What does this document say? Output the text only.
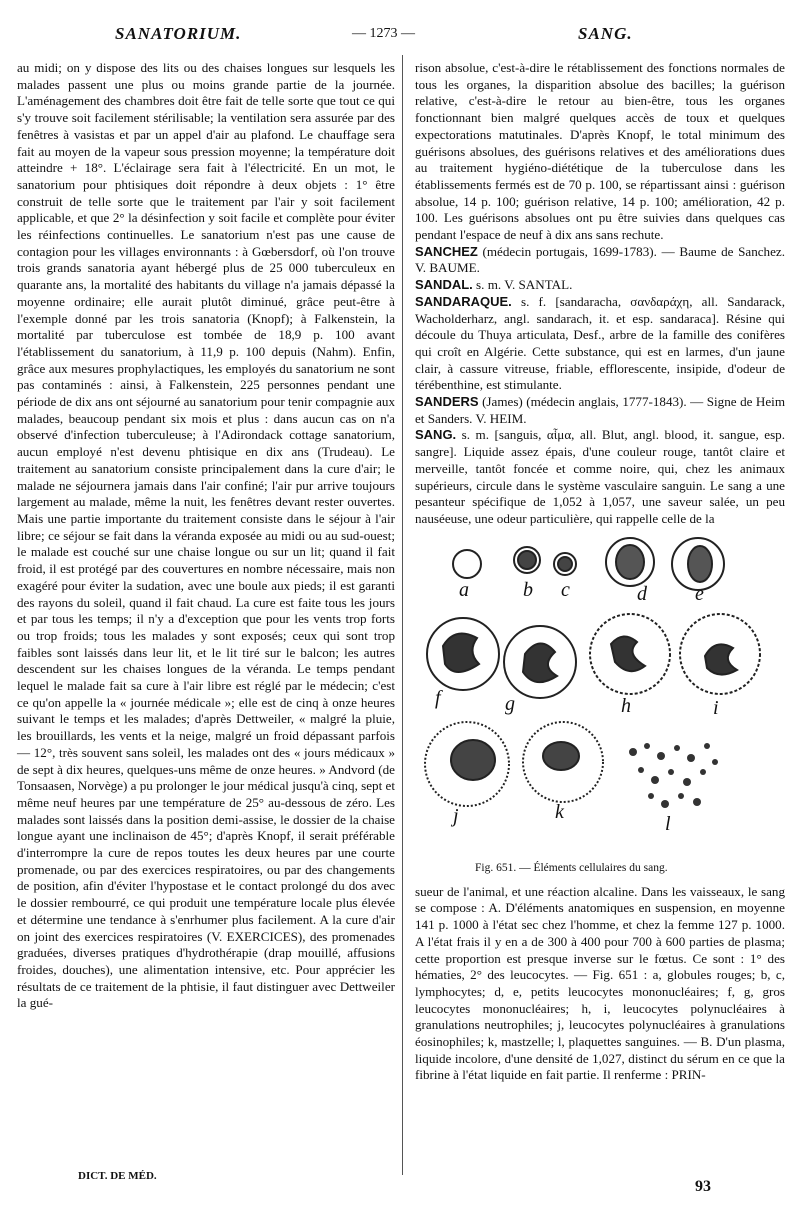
SANATORIUM.	— 1273 —	SANG.

au midi; on y dispose des lits ou des chaises longues sur lesquels les malades passent une plus ou moins grande partie de la journée. L'aménagement des chambres doit être fait de telle sorte que tout ce qui s'y trouve soit facilement stérilisable; la ventilation sera assurée par des fenêtres à vasistas et par un appel d'air au plafond. Le chauffage sera fait au moyen de la vapeur sous pression moyenne; la température doit atteindre + 18°. L'éclairage sera fait à l'électricité. En un mot, le sanatorium pour phtisiques doit répondre à deux objets : 1° être construit de telle sorte que le traitement par l'air y soit facilement applicable, et que 2° la désinfection y soit facile et complète pour éviter les réinfections continuelles. Le sanatorium n'est pas une cause de contagion pour les villages environnants : à Gœbersdorf, où l'on trouve trois grands sanatoria ayant hébergé plus de 25 000 tuberculeux en quarante ans, la mortalité des habitants du village n'a jamais dépassé la moyenne ordinaire; elle aurait plutôt diminué, grâce peut-être à l'exemple donné par les trois sanatoria (Knopf); à Falkenstein, la mortalité par tuberculose est tombée de 18,9 p. 100 avant l'établissement du sanatorium, à 11,9 p. 100 depuis (Nahm). Enfin, grâce aux mesures prophylactiques, les employés du sanatorium ne sont pas contaminés : ainsi, à Falkenstein, 225 personnes pendant une période de dix ans ont séjourné au sanatorium pour tenir compagnie aux malades, beaucoup pendant six mois et plus : dans aucun cas on n'a observé d'infection tuberculeuse; à l'Adirondack cottage sanatorium, aucun employé n'est devenu phtisique en dix ans (Trudeau). Le traitement au sanatorium consiste principalement dans la cure d'air; le malade ne séjournera jamais dans l'air confiné; l'air pur arrive toujours largement au malade, même la nuit, les fenêtres devant rester ouvertes. Mais une partie importante du traitement consiste dans le séjour à l'air libre; ce séjour se fait dans la véranda exposée au midi ou au sud-ouest; le malade est couché sur une chaise longue ou sur un lit; quand il fait froid, il est protégé par des couvertures en nombre nécessaire, mais non exagéré pour éviter la sudation, avec une boule aux pieds; il est garanti des rayons du soleil, quand il fait chaud. La cure est faite tous les jours et par tous les temps; il n'y a d'exception que pour les vents trop forts ou trop froids; tous les malades y sont exposés; ceux qui sont trop faibles sont laissés dans leur lit, et le lit tiré sur le balcon; les autres descendent sur les chaises longues de la véranda. Le temps pendant lequel le malade fait sa cure à l'air libre est réglé par le médecin; c'est ce qu'on appelle la « journée médicale »; elle est de cinq à onze heures suivant le temps et les malades; d'après Dettweiler, « malgré la pluie, les brouillards, les vents et la neige, malgré un froid dépassant parfois — 12°, très souvent sans soleil, les malades ont des « jours médicaux » de sept à dix heures, quelques-uns même de onze heures. » Andvord (de Tonsaasen, Norvège) a pu prolonger le jour médical jusqu'à cinq, sept et même neuf heures par une température de 25° au-dessous de zéro. Les malades sont laissés dans la position demi-assise, le dossier de la chaise longue ayant une inclinaison de 45°; d'après Knopf, il serait préférable d'interrompre la cure de repos toutes les deux heures par une courte promenade, ou par des exercices respiratoires, ou par des changements de position, afin d'éviter l'hypostase et le contact prolongé du dos avec le dossier rembourré, ce qui produit une température locale plus élevée et détermine une tendance à s'enrhumer plus facilement. A la cure d'air on joint des exercices respiratoires (V. EXERCICES), des promenades graduées, diverses pratiques d'hydrothérapie (drap mouillé, affusions froides, douches), une alimentation intensive, etc. Pour apprécier les résultats de ce traitement de la phtisie, il faut distinguer avec Dettweiler la gué-

rison absolue, c'est-à-dire le rétablissement des fonctions normales de tous les organes, la disparition absolue des bacilles; la guérison relative, c'est-à-dire le retour au bien-être, tous les organes fonctionnant bien malgré quelques accès de toux et quelques expectorations matutinales. D'après Knopf, le total minimum des guérisons absolues, des guérisons relatives et des améliorations dues au traitement hygiéno-diététique de la tuberculose dans les établissements fermés est de 70 p. 100, se répartissant ainsi : guérison absolue, 14 p. 100; guérison relative, 14 p. 100; amélioration, 42 p. 100. Les guérisons absolues ont pu être suivies dans quelques cas pendant l'espace de neuf à dix ans sans rechute.

SANCHEZ (médecin portugais, 1699-1783). — Baume de Sanchez. V. BAUME.

SANDAL. s. m. V. SANTAL.

SANDARAQUE. s. f. [sandaracha, σανδαράχη, all. Sandarack, Wacholderharz, angl. sandarach, it. et esp. sandaraca]. Résine qui découle du Thuya articulata, Desf., arbre de la famille des conifères qui croît en Algérie. Cette substance, qui est en larmes, d'un jaune clair, à cassure vitreuse, friable, efflorescente, insipide, d'odeur de térébenthine, est stimulante.

SANDERS (James) (médecin anglais, 1777-1843). — Signe de Heim et Sanders. V. HEIM.

SANG. s. m. [sanguis, αἷμα, all. Blut, angl. blood, it. sangue, esp. sangre]. Liquide assez épais, d'une couleur rouge, tantôt claire et merveille, tantôt foncée et comme noire, qui, chez les animaux supérieurs, circule dans le système vasculaire sanguin. Le sang a une pesanteur spécifique de 1,052 à 1,057, une saveur salée, un peu nauséeuse, une odeur particulière, qui rappelle celle de la

a	b c	d e
f	g	h	i
j	k
l
Fig. 651. — Éléments cellulaires du sang.

sueur de l'animal, et une réaction alcaline. Dans les vaisseaux, le sang se compose : A. D'éléments anatomiques en suspension, en moyenne 141 p. 1000 à l'état sec chez l'homme, et chez la femme 127 p. 1000. A l'état frais il y en a de 300 à 400 pour 700 à 600 parties de plasma; cette proportion est presque inverse sur le fœtus. Ce sont : 1° des hématies, 2° des leucocytes. — Fig. 651 : a, globules rouges; b, c, lymphocytes; d, e, petits leucocytes mononucléaires; f, g, gros leucocytes mononucléaires; h, i, leucocytes polynucléaires à granulations neutrophiles; j, leucocytes polynucléaires à granulations éosinophiles; k, mastzelle; l, plaquettes sanguines. — B. D'un plasma, liquide incolore, d'une densité de 1,027, distinct du sérum en ce que la fibrine à l'état liquide en fait partie. Il renferme : PRIN-

DICT. DE MÉD.
93
